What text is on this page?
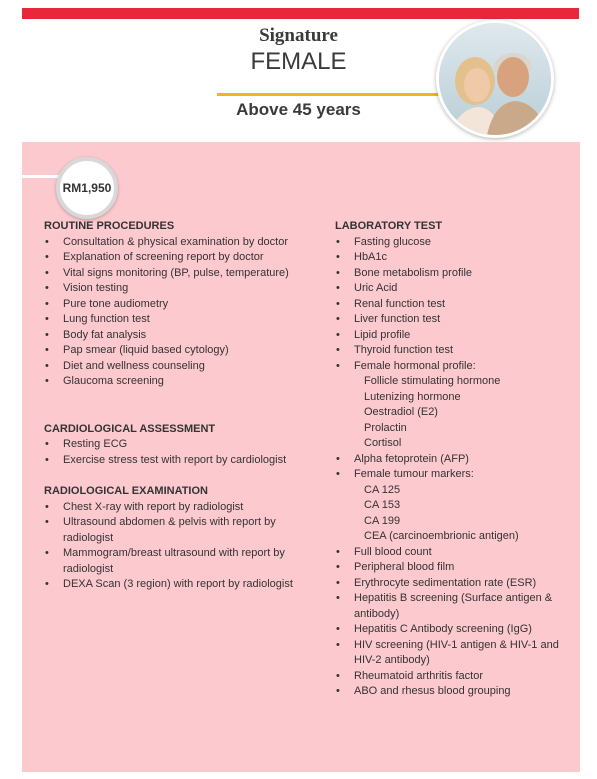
Signature
FEMALE
Above 45 years
RM1,950
ROUTINE PROCEDURES
• Consultation & physical examination by doctor
• Explanation of screening report by doctor
• Vital signs monitoring (BP, pulse, temperature)
• Vision testing
• Pure tone audiometry
• Lung function test
• Body fat analysis
• Pap smear (liquid based cytology)
• Diet and wellness counseling
• Glaucoma screening
CARDIOLOGICAL ASSESSMENT
• Resting ECG
• Exercise stress test with report by cardiologist
RADIOLOGICAL EXAMINATION
• Chest X-ray with report by radiologist
• Ultrasound abdomen & pelvis with report by radiologist
• Mammogram/breast ultrasound with report by radiologist
• DEXA Scan (3 region) with report by radiologist
LABORATORY TEST
• Fasting glucose
• HbA1c
• Bone metabolism profile
• Uric Acid
• Renal function test
• Liver function test
• Lipid profile
• Thyroid function test
• Female hormonal profile:
Follicle stimulating hormone
Lutenizing hormone
Oestradiol (E2)
Prolactin
Cortisol
• Alpha fetoprotein (AFP)
• Female tumour markers:
CA 125
CA 153
CA 199
CEA (carcinoembrionic antigen)
• Full blood count
• Peripheral blood film
• Erythrocyte sedimentation rate (ESR)
• Hepatitis B screening (Surface antigen & antibody)
• Hepatitis C Antibody screening (IgG)
• HIV screening (HIV-1 antigen & HIV-1 and HIV-2 antibody)
• Rheumatoid arthritis factor
• ABO and rhesus blood grouping
